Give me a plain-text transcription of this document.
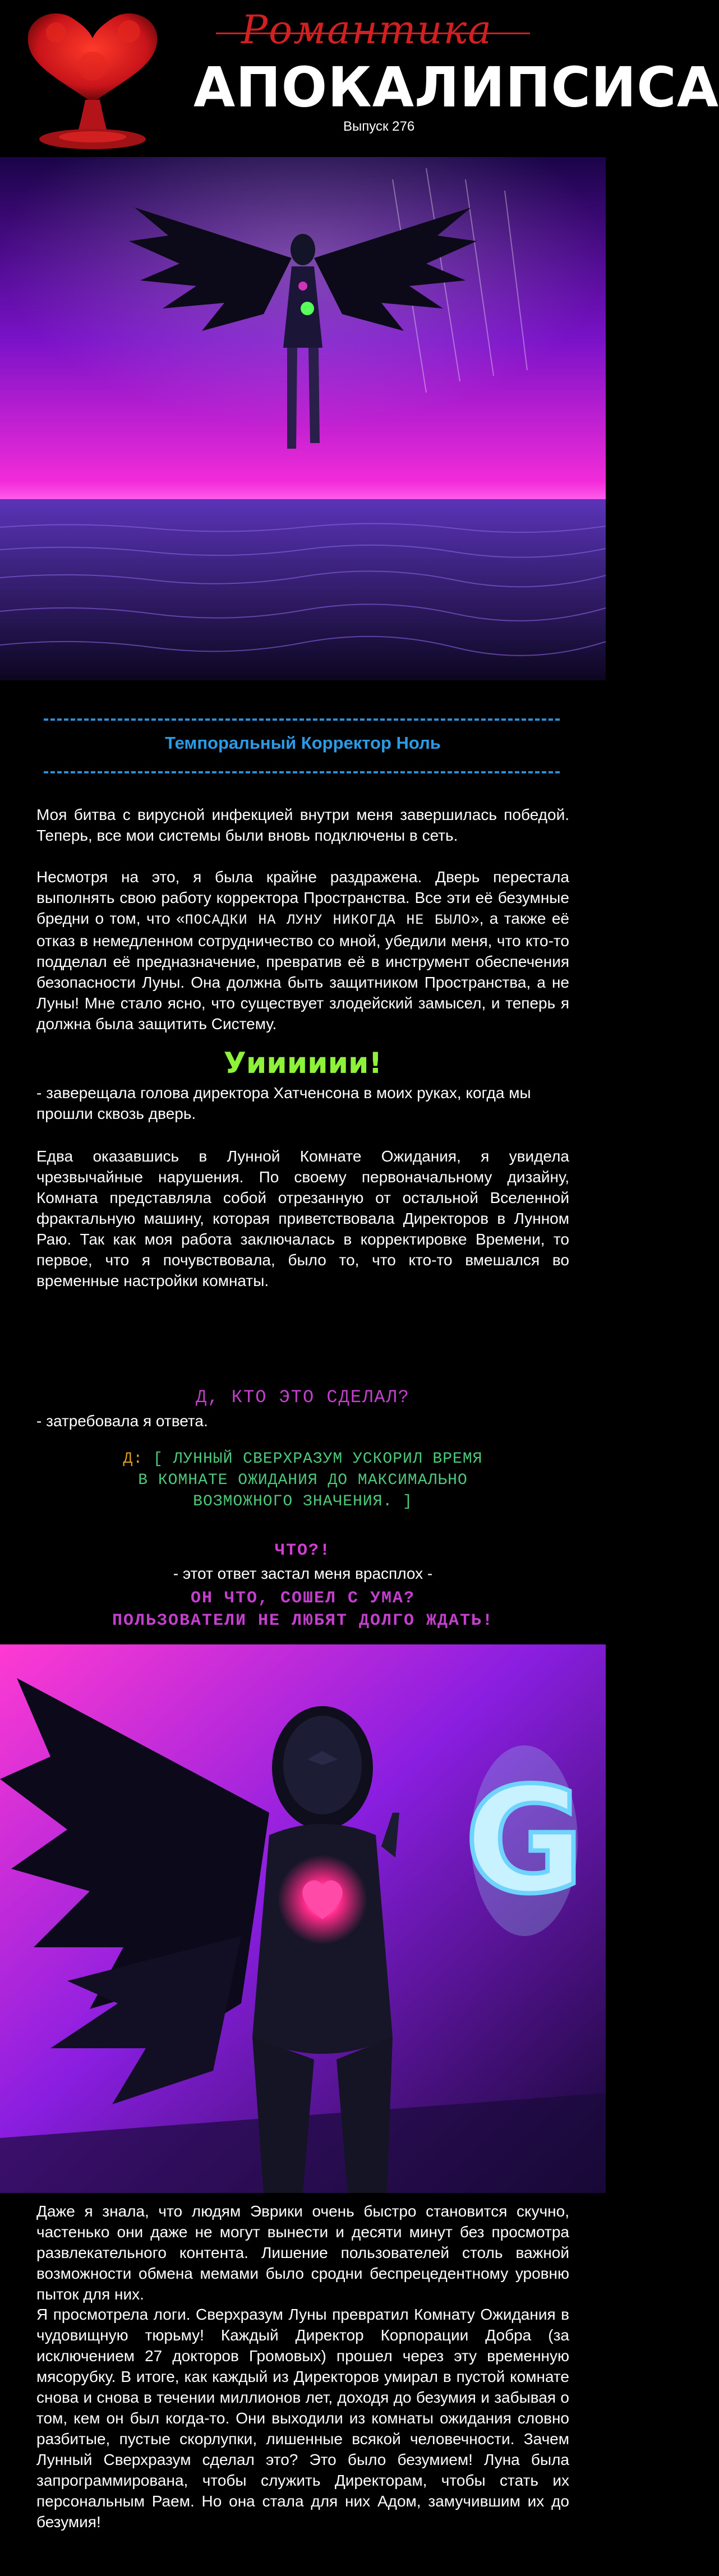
Романтика
АПОКАЛИПСИСА
Выпуск 276
Темпоральный Корректор Ноль

Моя битва с вирусной инфекцией внутри меня завершилась победой. Теперь, все мои системы были вновь подключены в сеть.

Несмотря на это, я была крайне раздражена. Дверь перестала выполнять свою работу корректора Пространства. Все эти её безумные бредни о том, что «ПОСАДКИ НА ЛУНУ НИКОГДА НЕ БЫЛО», а также её отказ в немедленном сотрудничество со мной, убедили меня, что кто-то подделал её предназначение, превратив её в инструмент обеспечения безопасности Луны. Она должна быть защитником Пространства, а не Луны! Мне стало ясно, что существует злодейский замысел, и теперь я должна была защитить Систему.

Уииииии!

- заверещала голова директора Хатченсона в моих руках, когда мы прошли сквозь дверь.

Едва оказавшись в Лунной Комнате Ожидания, я увидела чрезвычайные нарушения. По своему первоначальному дизайну, Комната представляла собой отрезанную от остальной Вселенной фрактальную машину, которая приветствовала Директоров в Лунном Раю. Так как моя работа заключалась в корректировке Времени, то первое, что я почувствовала, было то, что кто-то вмешался во временные настройки комнаты.

Д, КТО ЭТО СДЕЛАЛ?

- затребовала я ответа.

Д: [ ЛУННЫЙ СВЕРХРАЗУМ УСКОРИЛ ВРЕМЯ
В КОМНАТЕ ОЖИДАНИЯ ДО МАКСИМАЛЬНО
ВОЗМОЖНОГО ЗНАЧЕНИЯ. ]
ЧТО?!
- этот ответ застал меня врасплох -
ОН ЧТО, СОШЕЛ С УМА?
ПОЛЬЗОВАТЕЛИ НЕ ЛЮБЯТ ДОЛГО ЖДАТЬ!
G

Даже я знала, что людям Эврики очень быстро становится скучно, частенько они даже не могут вынести и десяти минут без просмотра развлекательного контента. Лишение пользователей столь важной возможности обмена мемами было сродни беспрецедентному уровню пыток для них.

Я просмотрела логи. Сверхразум Луны превратил Комнату Ожидания в чудовищную тюрьму! Каждый Директор Корпорации Добра (за исключением 27 докторов Громовых) прошел через эту временную мясорубку. В итоге, как каждый из Директоров умирал в пустой комнате снова и снова в течении миллионов лет, доходя до безумия и забывая о том, кем он был когда-то. Они выходили из комнаты ожидания словно разбитые, пустые скорлупки, лишенные всякой человечности. Зачем Лунный Сверхразум сделал это? Это было безумием! Луна была запрограммирована, чтобы служить Директорам, чтобы стать их персональным Раем. Но она стала для них Адом, замучившим их до безумия!
